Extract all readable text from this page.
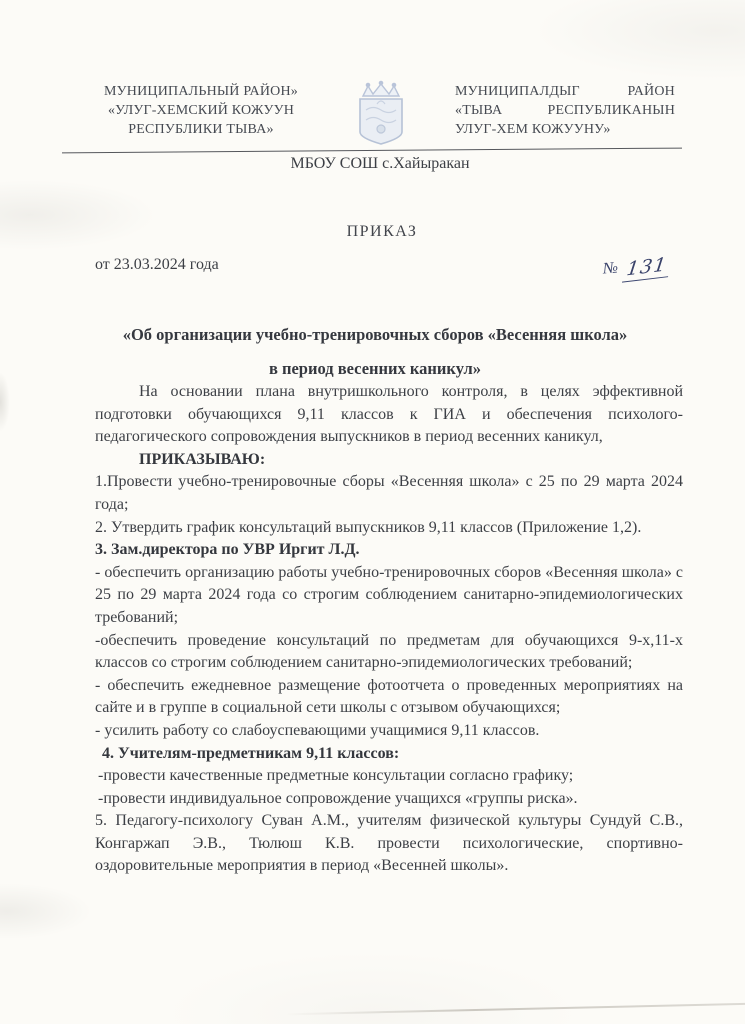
МУНИЦИПАЛЬНЫЙ РАЙОН»
«УЛУГ-ХЕМСКИЙ КОЖУУН
РЕСПУБЛИКИ ТЫВА»
МУНИЦИПАЛДЫГ РАЙОН
«ТЫВА РЕСПУБЛИКАНЫН
УЛУГ-ХЕМ КОЖУУНУ»
МБОУ СОШ с.Хайыракан
ПРИКАЗ
от 23.03.2024 года	№ 131
«Об организации учебно-тренировочных сборов «Весенняя школа»
в период весенних каникул»

На основании плана внутришкольного контроля, в целях эффективной подготовки обучающихся 9,11 классов к ГИА и обеспечения психолого-педагогического сопровождения выпускников в период весенних каникул,

ПРИКАЗЫВАЮ:

1.Провести учебно-тренировочные сборы «Весенняя школа» с 25 по 29 марта 2024 года;

2. Утвердить график консультаций выпускников 9,11 классов (Приложение 1,2).

3. Зам.директора по УВР Иргит Л.Д.

- обеспечить организацию работы учебно-тренировочных сборов «Весенняя школа» с 25 по 29 марта 2024 года со строгим соблюдением санитарно-эпидемиологических требований;

-обеспечить проведение консультаций по предметам для обучающихся 9-х,11-х классов со строгим соблюдением санитарно-эпидемиологических требований;

- обеспечить ежедневное размещение фотоотчета о проведенных мероприятиях на сайте и в группе в социальной сети школы с отзывом обучающихся;

- усилить работу со слабоуспевающими учащимися 9,11 классов.

4. Учителям-предметникам 9,11 классов:

-провести качественные предметные консультации согласно графику;

-провести индивидуальное сопровождение учащихся «группы риска».

5. Педагогу-психологу Суван А.М., учителям физической культуры Сундуй С.В., Конгаржап Э.В., Тюлюш К.В. провести психологические, спортивно-оздоровительные мероприятия в период «Весенней школы».
